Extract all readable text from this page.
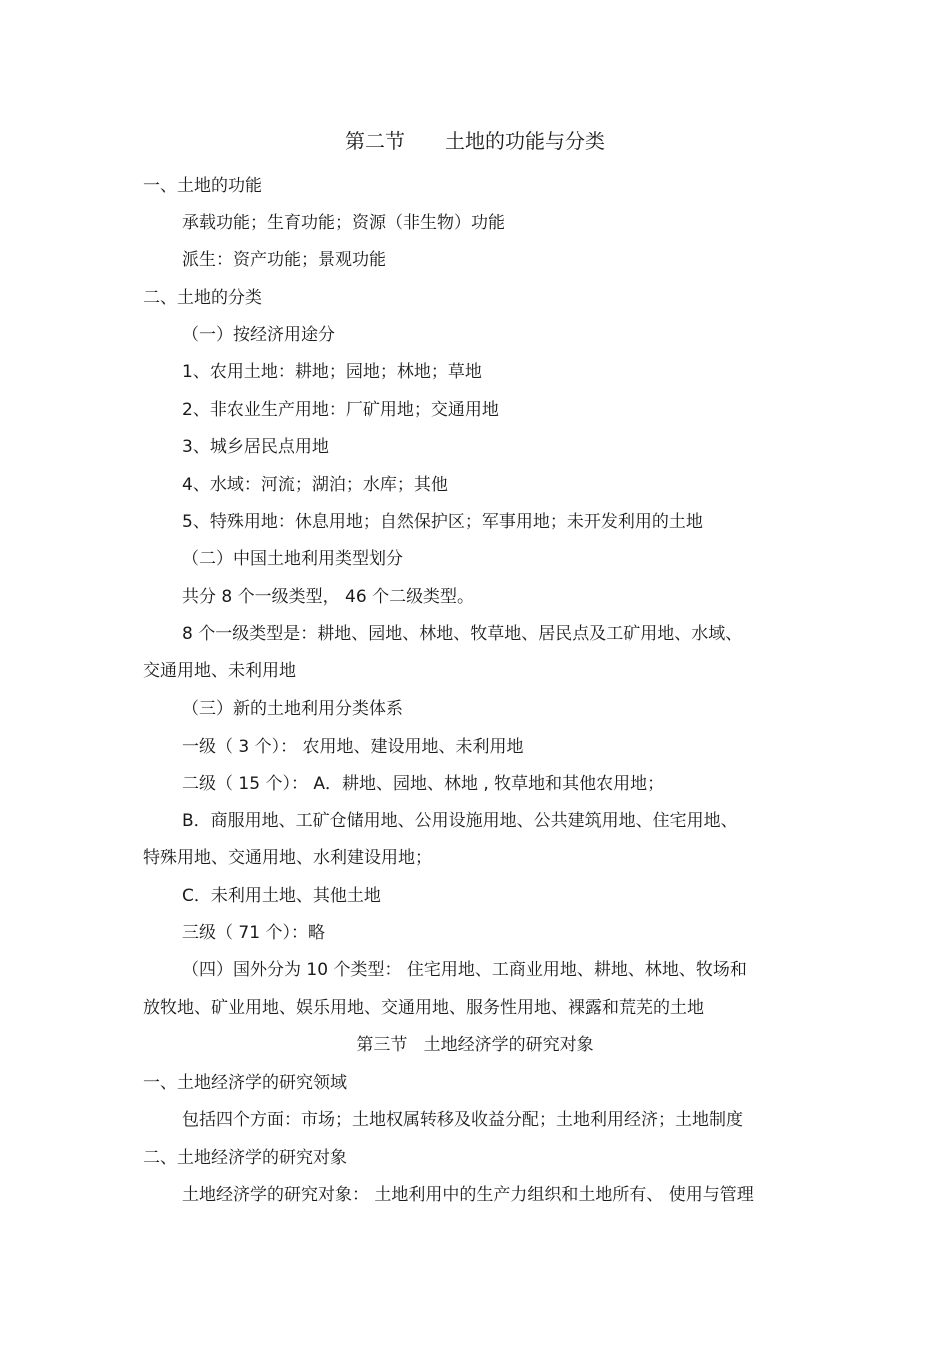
第二节　　土地的功能与分类
一、土地的功能
承载功能；生育功能；资源（非生物）功能
派生：资产功能；景观功能
二、土地的分类
（一）按经济用途分
1、农用土地：耕地；园地；林地；草地
2、非农业生产用地：厂矿用地；交通用地
3、城乡居民点用地
4、水域：河流；湖泊；水库；其他
5、特殊用地：休息用地；自然保护区；军事用地；未开发利用的土地
（二）中国土地利用类型划分
共分 8 个一级类型， 46 个二级类型。
8 个一级类型是：耕地、园地、林地、牧草地、居民点及工矿用地、水域、
交通用地、未利用地
（三）新的土地利用分类体系
一级（ 3 个）： 农用地、建设用地、未利用地
二级（ 15 个）： A．耕地、园地、林地 , 牧草地和其他农用地；
B．商服用地、工矿仓储用地、公用设施用地、公共建筑用地、住宅用地、
特殊用地、交通用地、水利建设用地；
C．未利用土地、其他土地
三级（ 71 个）：略
（四）国外分为 10 个类型： 住宅用地、工商业用地、耕地、林地、牧场和
放牧地、矿业用地、娱乐用地、交通用地、服务性用地、裸露和荒芜的土地
第三节   土地经济学的研究对象
一、土地经济学的研究领域
包括四个方面：市场；土地权属转移及收益分配；土地利用经济；土地制度
二、土地经济学的研究对象
土地经济学的研究对象： 土地利用中的生产力组织和土地所有、 使用与管理
